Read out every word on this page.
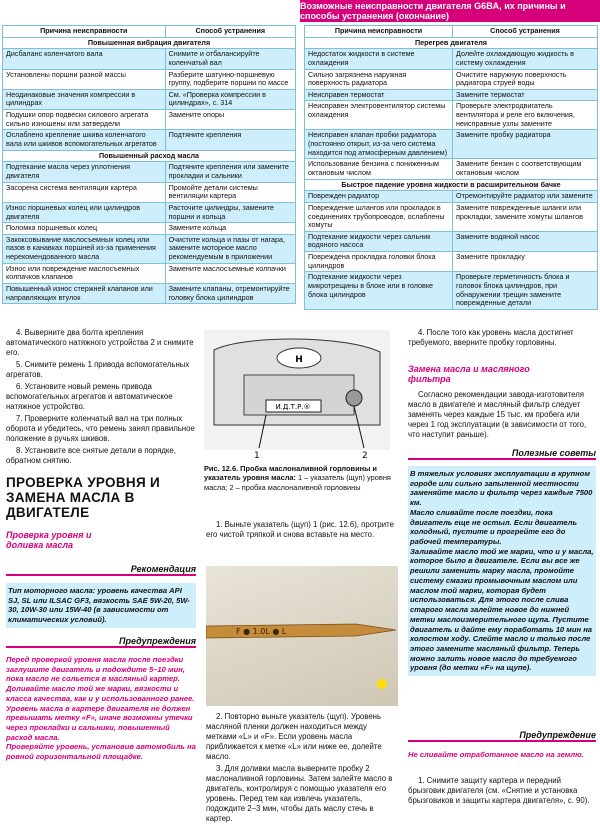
Возможные неисправности двигателя G6BA, их причины и способы устранения (окончание)
Причина неисправности	Способ устранения
Повышенная вибрация двигателя	
Дисбаланс коленчатого вала	Снимите и отбалансируйте коленчатый вал
Установлены поршни разной массы	Разберите шатунно-поршневую группу, подберите поршни по массе
Неодинаковые значения компрессии в цилиндрах	См. «Проверка компрессии в цилиндрах», с. 314
Подушки опор подвески силового агрегата сильно изношены или затвердели	Замените опоры
Ослаблено крепление шкива коленчатого вала или шкивов вспомогательных агрегатов	Подтяните крепления
Повышенный расход масла	
Подтекание масла через уплотнения двигателя	Подтяните крепления или замените прокладки и сальники
Засорена система вентиляции картера	Промойте детали системы вентиляции картера
Износ поршневых колец или цилиндров двигателя	Расточите цилиндры, замените поршни и кольца
Поломка поршневых колец	Замените кольца
Закоксовывание маслосъемных колец или пазов в канавках поршней из-за применения нерекомендованного масла	Очистите кольца и пазы от нагара, замените моторное масло рекомендуемым в приложении
Износ или повреждение маслосъемных колпачков клапанов	Замените маслосъемные колпачки
Повышенный износ стержней клапанов или направляющих втулок	Замените клапаны, отремонтируйте головку блока цилиндров
Причина неисправности	Способ устранения
Перегрев двигателя	
Недостаток жидкости в системе охлаждения	Долейте охлаждающую жидкость в систему охлаждения
Сильно загрязнена наружная поверхность радиатора	Очистите наружную поверхность радиатора струей воды
Неисправен термостат	Замените термостат
Неисправен электровентилятор системы охлаждения	Проверьте электродвигатель вентилятора и реле его включения, неисправные узлы замените
Неисправен клапан пробки радиатора (постоянно открыт, из-за чего система находится под атмосферным давлением)	Замените пробку радиатора
Использование бензина с пониженным октановым числом	Замените бензин с соответствующим октановым числом
Быстрое падение уровня жидкости в расширительном бачке	
Поврежден радиатор	Отремонтируйте радиатор или замените
Повреждение шлангов или прокладок в соединениях трубопроводов, ослаблены хомуты	Замените поврежденные шланги или прокладки, замените хомуты шлангов
Подтекание жидкости через сальник водяного насоса	Замените водяной насос
Повреждена прокладка головки блока цилиндров	Замените прокладку
Подтекание жидкости через микротрещины в блоке или в головке блока цилиндров	Проверьте герметичность блока и головок блока цилиндров, при обнаружении трещин замените поврежденные детали

4. Выверните два болта крепления автоматического натяжного устройства 2 и снимите его.

5. Снимите ремень 1 привода вспомогательных агрегатов.

6. Установите новый ремень привода вспомогательных агрегатов и автоматическое натяжное устройство.

7. Проверните коленчатый вал на три полных оборота и убедитесь, что ремень занял правильное положение в ручьях шкивов.

8. Установите все снятые детали в порядке, обратном снятию.

ПРОВЕРКА УРОВНЯ И ЗАМЕНА МАСЛА В ДВИГАТЕЛЕ
Проверка уровня и доливка масла
Рекомендация
Тип моторного масла: уровень качества API SJ, SL или ILSAC GF3, вязкость SAE 5W-20, 5W-30, 10W-30 или 15W-40 (в зависимости от климатических условий).
Предупреждения
Перед проверкой уровня масла после поездки заглушите двигатель и подождите 5–10 мин, пока масло не сольется в масляный картер.
Доливайте масло той же марки, вязкости и класса качества, как и у использованного ранее.
Уровень масла в картере двигателя не должен превышать метку «F», иначе возможны утечки через прокладки и сальники, повышенный расход масла.
Проверяйте уровень, установив автомобиль на ровной горизонтальной площадке.
H
И.Д.Т.Р.®
1	2
Рис. 12.6. Пробка маслоналивной горловины и указатель уровня масла: 1 – указатель (щуп) уровня масла; 2 – пробка маслоналивной горловины

1. Выньте указатель (щуп) 1 (рис. 12.6), протрите его чистой тряпкой и снова вставьте на место.

F ● 1.0L ● L

2. Повторно выньте указатель (щуп). Уровень масляной пленки должен находиться между метками «L» и «F». Если уровень масла приближается к метке «L» или ниже ее, долейте масло.

3. Для доливки масла выверните пробку 2 маслоналивной горловины. Затем залейте масло в двигатель, контролируя с помощью указателя его уровень. Перед тем как извлечь указатель, подождите 2–3 мин, чтобы дать маслу стечь в картер.

4. После того как уровень масла достигнет требуемого, вверните пробку горловины.

Замена масла и масляного фильтра

Согласно рекомендации завода-изготовителя масло в двигателе и масляный фильтр следует заменять через каждые 15 тыс. км пробега или через 1 год эксплуатации (в зависимости от того, что наступит раньше).

Полезные советы
В тяжелых условиях эксплуатации в крупном городе или сильно запыленной местности заменяйте масло и фильтр через каждые 7500 км.
Масло сливайте после поездки, пока двигатель еще не остыл. Если двигатель холодный, пустите и прогрейте его до рабочей температуры.
Заливайте масло той же марки, что и у масла, которое было в двигателе. Если вы все же решили заменить марку масла, промойте систему смазки промывочным маслом или маслом той марки, которая будет использоваться. Для этого после слива старого масла залейте новое до нижней метки маслоизмерительного щупа. Пустите двигатель и дайте ему поработать 10 мин на холостом ходу. Слейте масло и только после этого замените масляный фильтр. Теперь можно залить новое масло до требуемого уровня (до метки «F» на щупе).
Предупреждение
Не сливайте отработанное масло на землю.

1. Снимите защиту картера и передний брызговик двигателя (см. «Снятие и установка брызговиков и защиты картера двигателя», с. 90).
